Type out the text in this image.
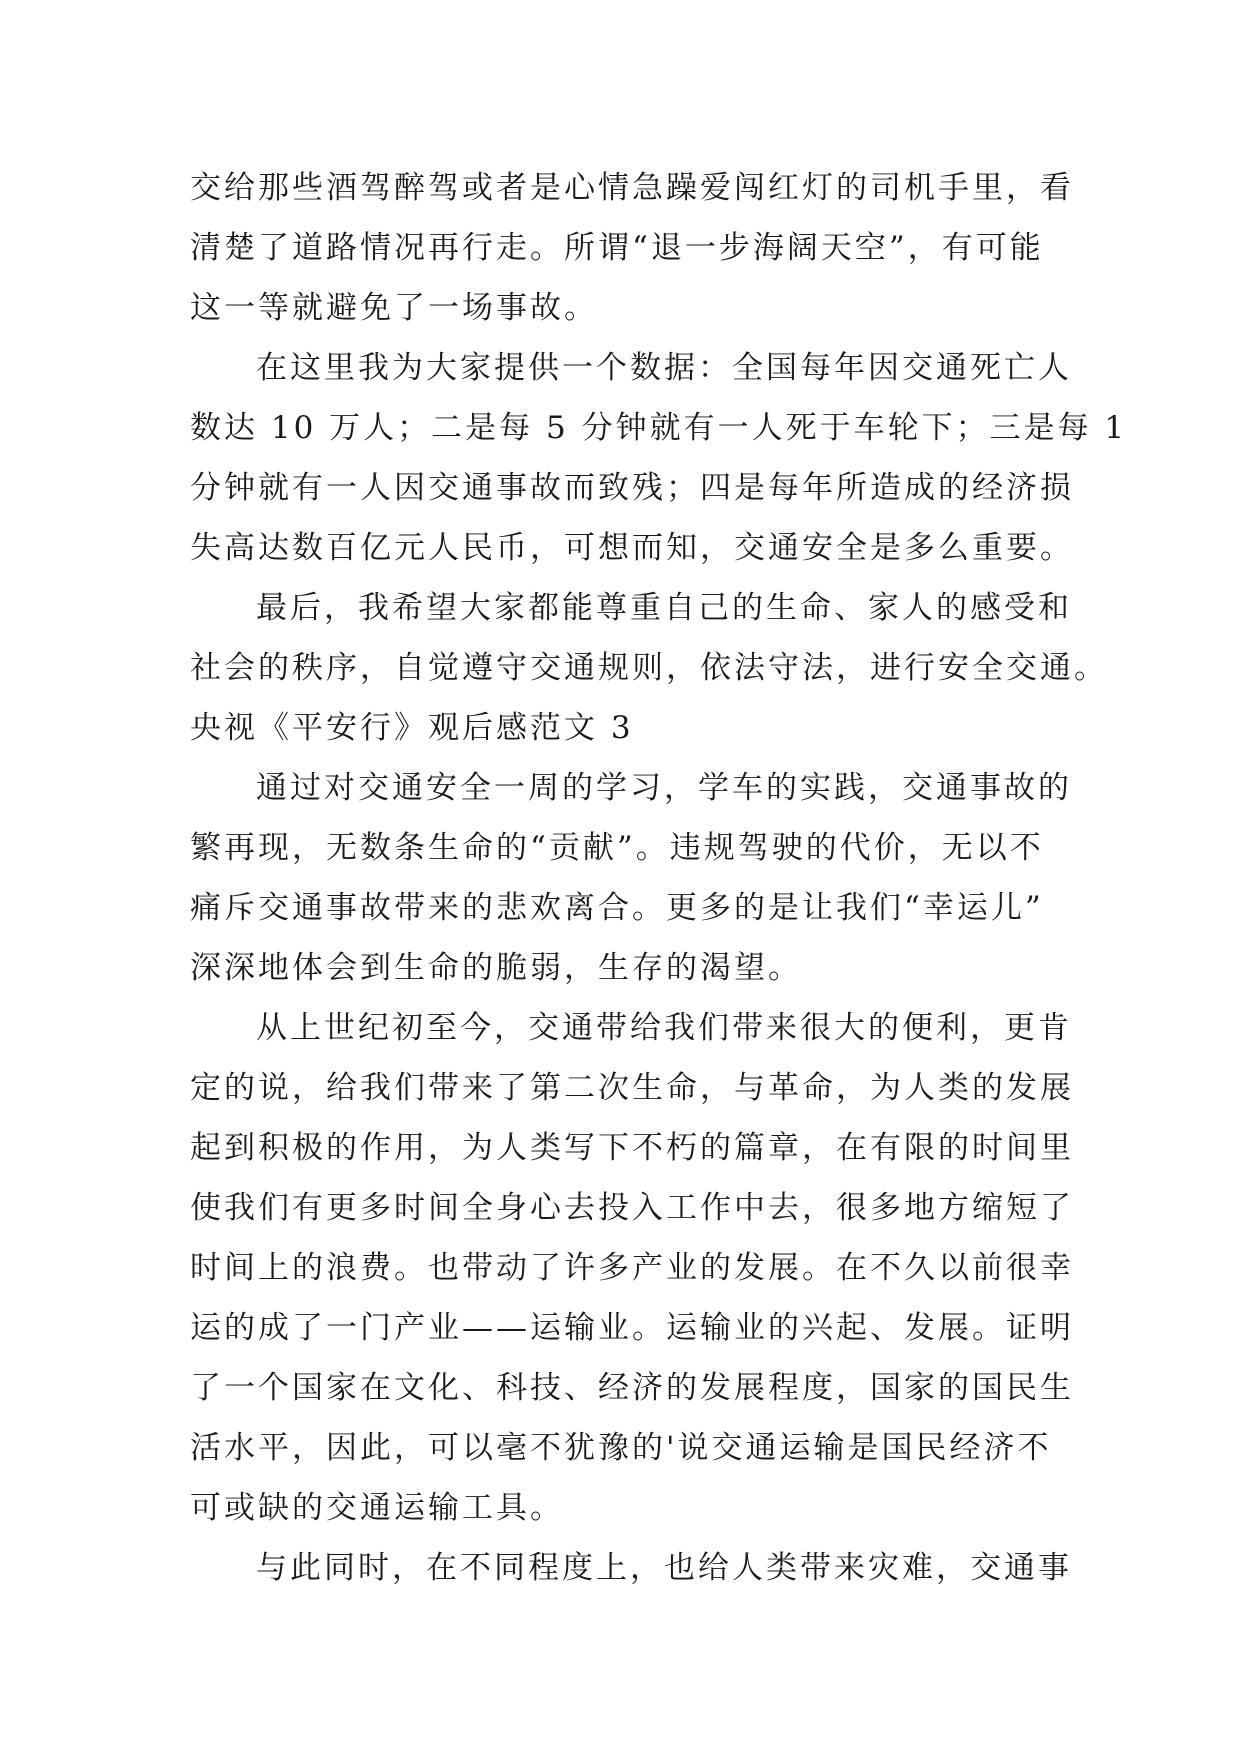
交给那些酒驾醉驾或者是心情急躁爱闯红灯的司机手里，看
清楚了道路情况再行走。所谓“退一步海阔天空”，有可能
这一等就避免了一场事故。
在这里我为大家提供一个数据：全国每年因交通死亡人
数达 10 万人；二是每 5 分钟就有一人死于车轮下；三是每 1
分钟就有一人因交通事故而致残；四是每年所造成的经济损
失高达数百亿元人民币，可想而知，交通安全是多么重要。
最后，我希望大家都能尊重自己的生命、家人的感受和
社会的秩序，自觉遵守交通规则，依法守法，进行安全交通。
央视《平安行》观后感范文 3
通过对交通安全一周的学习，学车的实践，交通事故的
繁再现，无数条生命的“贡献”。违规驾驶的代价，无以不
痛斥交通事故带来的悲欢离合。更多的是让我们“幸运儿”
深深地体会到生命的脆弱，生存的渴望。
从上世纪初至今，交通带给我们带来很大的便利，更肯
定的说，给我们带来了第二次生命，与革命，为人类的发展
起到积极的作用，为人类写下不朽的篇章，在有限的时间里
使我们有更多时间全身心去投入工作中去，很多地方缩短了
时间上的浪费。也带动了许多产业的发展。在不久以前很幸
运的成了一门产业——运输业。运输业的兴起、发展。证明
了一个国家在文化、科技、经济的发展程度，国家的国民生
活水平，因此，可以毫不犹豫的'说交通运输是国民经济不
可或缺的交通运输工具。
与此同时，在不同程度上，也给人类带来灾难，交通事
